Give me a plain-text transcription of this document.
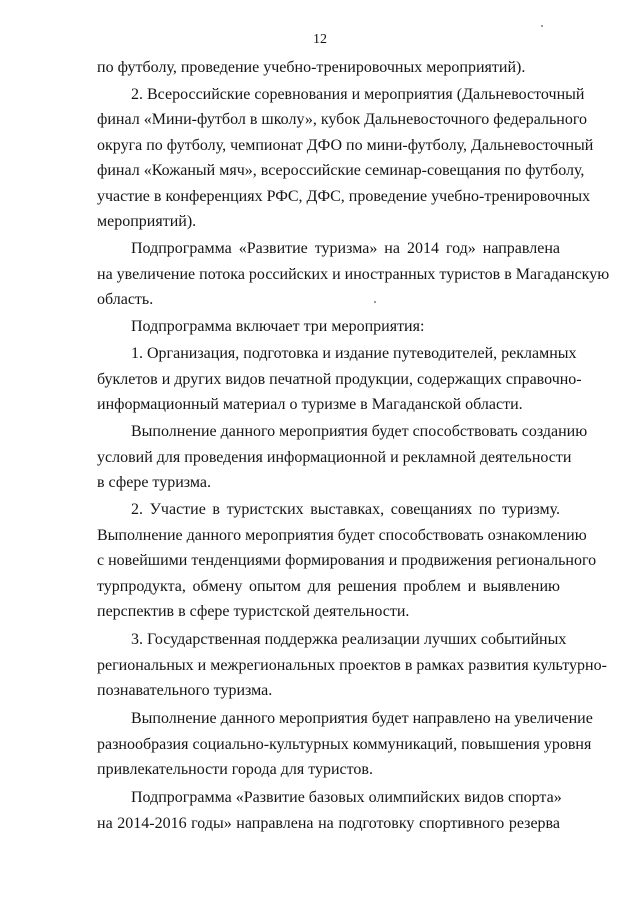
12
по футболу, проведение учебно-тренировочных мероприятий).
2. Всероссийские соревнования и мероприятия (Дальневосточный
финал «Мини-футбол в школу», кубок Дальневосточного федерального
округа по футболу, чемпионат ДФО по мини-футболу, Дальневосточный
финал «Кожаный мяч», всероссийские семинар-совещания по футболу,
участие в конференциях РФС, ДФС, проведение учебно-тренировочных
мероприятий).
Подпрограмма «Развитие туризма» на 2014 год» направлена
на увеличение потока российских и иностранных туристов в Магаданскую
область.
Подпрограмма включает три мероприятия:
1. Организация, подготовка и издание путеводителей, рекламных
буклетов и других видов печатной продукции, содержащих справочно-
информационный материал о туризме в Магаданской области.
Выполнение данного мероприятия будет способствовать созданию
условий для проведения информационной и рекламной деятельности
в сфере туризма.
2. Участие в туристских выставках, совещаниях по туризму.
Выполнение данного мероприятия будет способствовать ознакомлению
с новейшими тенденциями формирования и продвижения регионального
турпродукта, обмену опытом для решения проблем и выявлению
перспектив в сфере туристской деятельности.
3. Государственная поддержка реализации лучших событийных
региональных и межрегиональных проектов в рамках развития культурно-
познавательного туризма.
Выполнение данного мероприятия будет направлено на увеличение
разнообразия социально-культурных коммуникаций, повышения уровня
привлекательности города для туристов.
Подпрограмма «Развитие базовых олимпийских видов спорта»
на 2014-2016 годы» направлена на подготовку спортивного резерва
